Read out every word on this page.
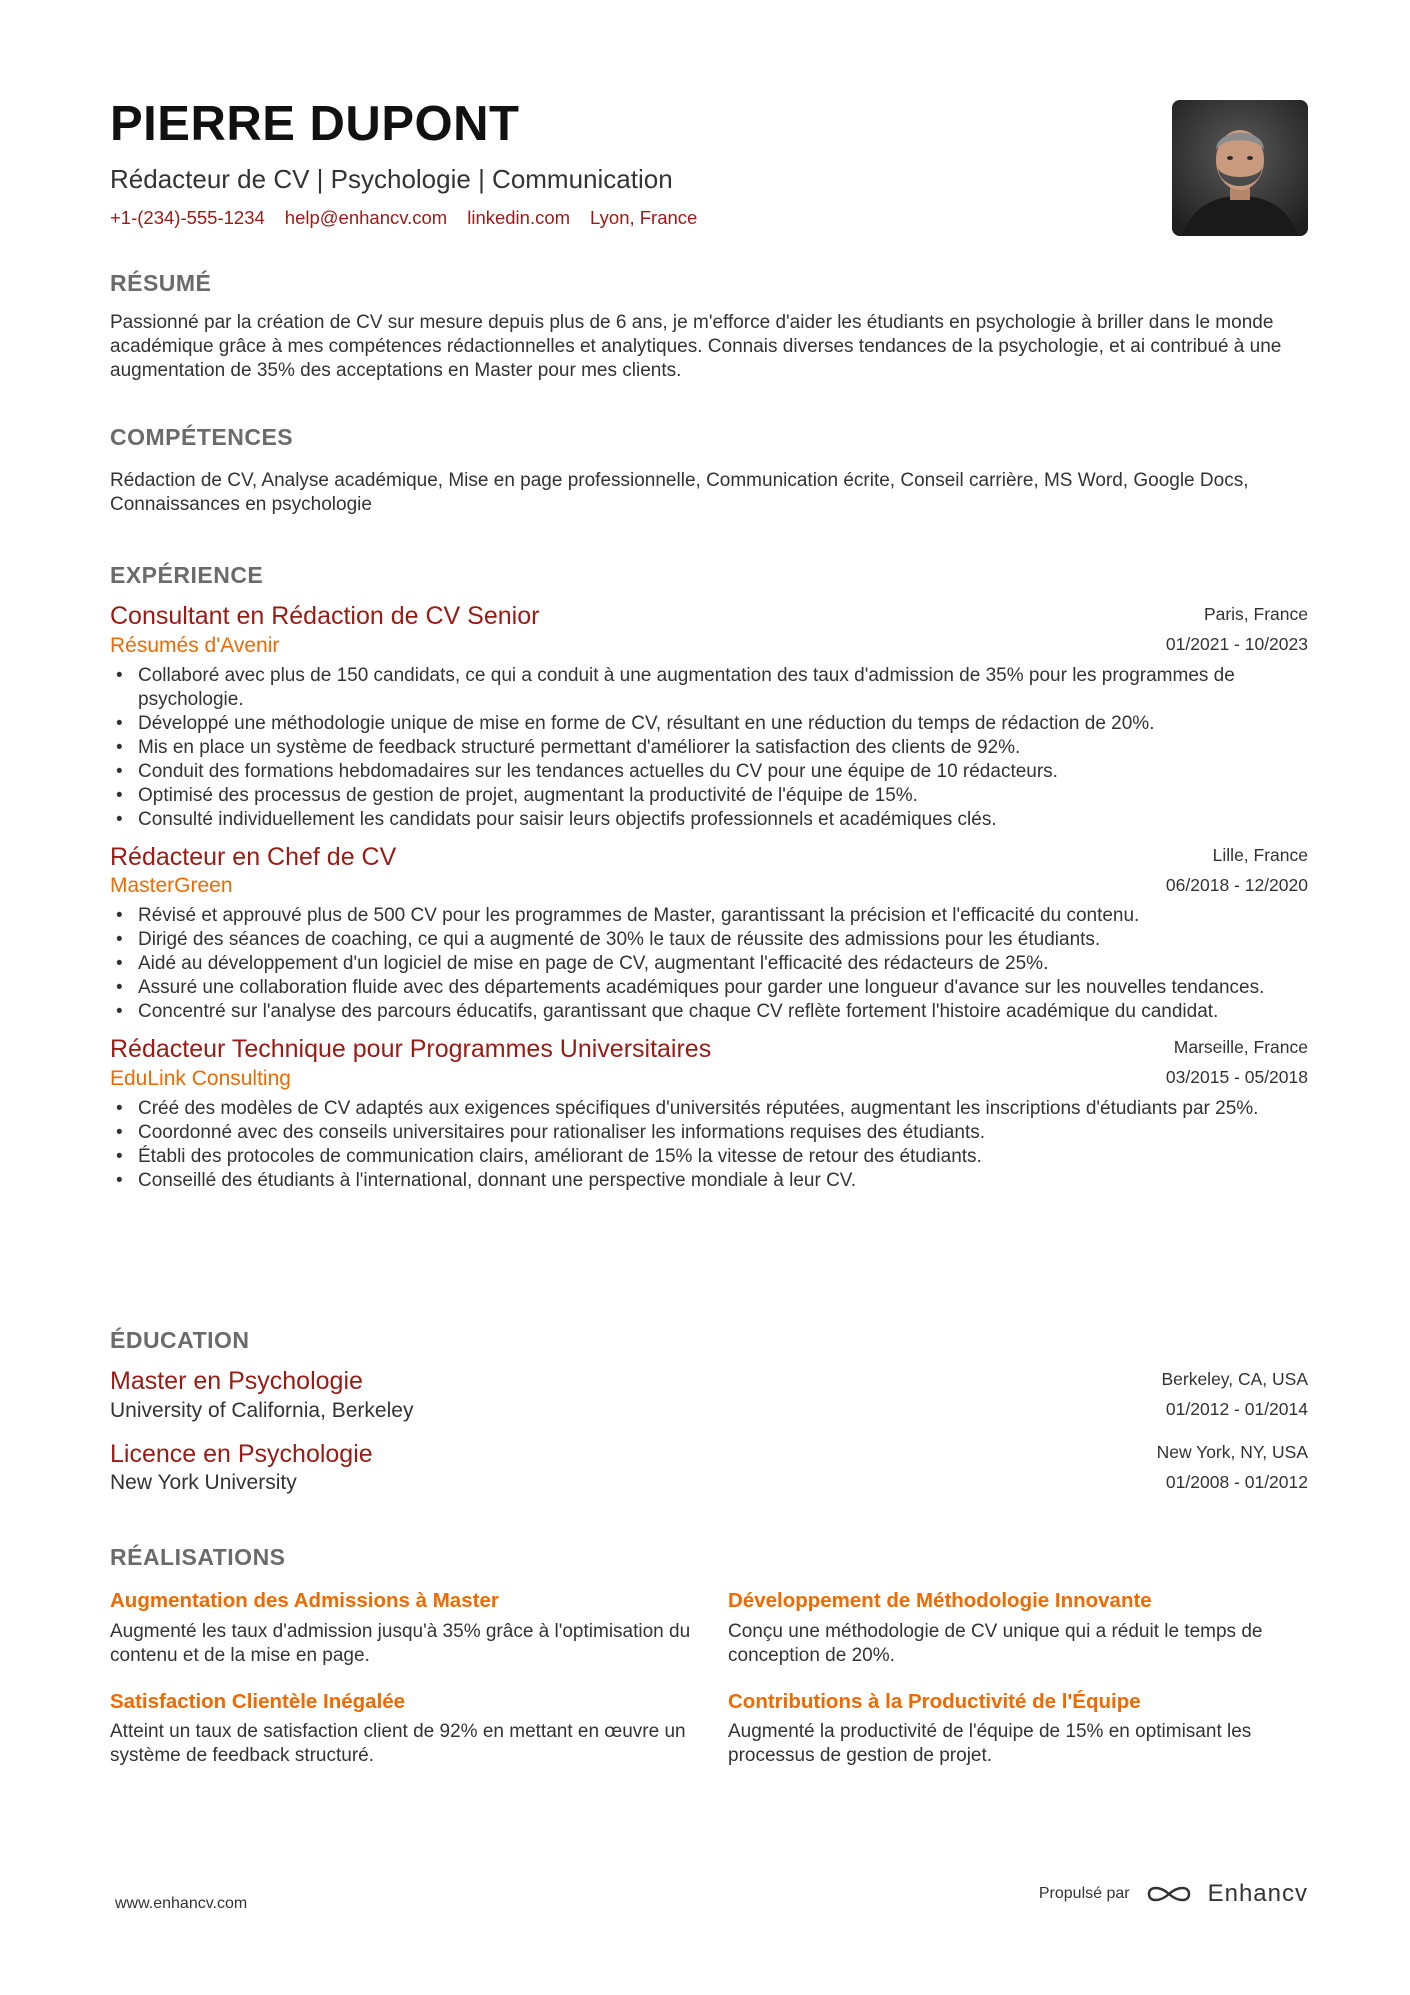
PIERRE DUPONT
Rédacteur de CV | Psychologie | Communication
+1-(234)-555-1234 help@enhancv.com linkedin.com Lyon, France
RÉSUMÉ

Passionné par la création de CV sur mesure depuis plus de 6 ans, je m'efforce d'aider les étudiants en psychologie à briller dans le monde académique grâce à mes compétences rédactionnelles et analytiques. Connais diverses tendances de la psychologie, et ai contribué à une augmentation de 35% des acceptations en Master pour mes clients.

COMPÉTENCES

Rédaction de CV, Analyse académique, Mise en page professionnelle, Communication écrite, Conseil carrière, MS Word, Google Docs, Connaissances en psychologie

EXPÉRIENCE
Consultant en Rédaction de CV Senior
Résumés d'Avenir
Paris, France
01/2021 - 10/2023
• Collaboré avec plus de 150 candidats, ce qui a conduit à une augmentation des taux d'admission de 35% pour les programmes de psychologie.
• Développé une méthodologie unique de mise en forme de CV, résultant en une réduction du temps de rédaction de 20%.
• Mis en place un système de feedback structuré permettant d'améliorer la satisfaction des clients de 92%.
• Conduit des formations hebdomadaires sur les tendances actuelles du CV pour une équipe de 10 rédacteurs.
• Optimisé des processus de gestion de projet, augmentant la productivité de l'équipe de 15%.
• Consulté individuellement les candidats pour saisir leurs objectifs professionnels et académiques clés.
Rédacteur en Chef de CV
MasterGreen
Lille, France
06/2018 - 12/2020
• Révisé et approuvé plus de 500 CV pour les programmes de Master, garantissant la précision et l'efficacité du contenu.
• Dirigé des séances de coaching, ce qui a augmenté de 30% le taux de réussite des admissions pour les étudiants.
• Aidé au développement d'un logiciel de mise en page de CV, augmentant l'efficacité des rédacteurs de 25%.
• Assuré une collaboration fluide avec des départements académiques pour garder une longueur d'avance sur les nouvelles tendances.
• Concentré sur l'analyse des parcours éducatifs, garantissant que chaque CV reflète fortement l'histoire académique du candidat.
Rédacteur Technique pour Programmes Universitaires
EduLink Consulting
Marseille, France
03/2015 - 05/2018
• Créé des modèles de CV adaptés aux exigences spécifiques d'universités réputées, augmentant les inscriptions d'étudiants par 25%.
• Coordonné avec des conseils universitaires pour rationaliser les informations requises des étudiants.
• Établi des protocoles de communication clairs, améliorant de 15% la vitesse de retour des étudiants.
• Conseillé des étudiants à l'international, donnant une perspective mondiale à leur CV.
ÉDUCATION
Master en Psychologie
University of California, Berkeley
Berkeley, CA, USA
01/2012 - 01/2014
Licence en Psychologie
New York University
New York, NY, USA
01/2008 - 01/2012
RÉALISATIONS
Augmentation des Admissions à Master
Augmenté les taux d'admission jusqu'à 35% grâce à l'optimisation du contenu et de la mise en page.
Développement de Méthodologie Innovante
Conçu une méthodologie de CV unique qui a réduit le temps de conception de 20%.
Satisfaction Clientèle Inégalée
Atteint un taux de satisfaction client de 92% en mettant en œuvre un système de feedback structuré.
Contributions à la Productivité de l'Équipe
Augmenté la productivité de l'équipe de 15% en optimisant les processus de gestion de projet.
www.enhancv.com
Propulsé par	Enhancv
